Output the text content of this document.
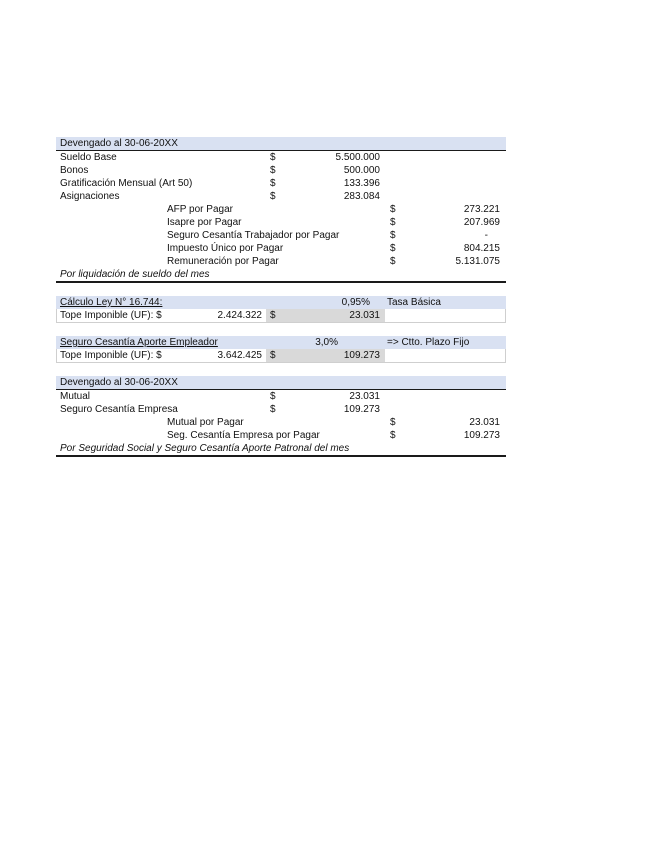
Devengado al 30-06-20XX
Sueldo Base	$	5.500.000
Bonos	$	500.000
Gratificación Mensual (Art 50)	$	133.396
Asignaciones	$	283.084
AFP por Pagar	$	273.221
Isapre por Pagar	$	207.969
Seguro Cesantía Trabajador por Pagar	$	-
Impuesto Único por Pagar	$	804.215
Remuneración por Pagar	$	5.131.075
Por liquidación de sueldo del mes
Cálculo Ley N° 16.744:	0,95% Tasa Básica
Tope Imponible (UF): $	2.424.322 $	23.031
Seguro Cesantía Aporte Empleador	3,0%	=> Ctto. Plazo Fijo
Tope Imponible (UF): $	3.642.425 $	109.273
Devengado al 30-06-20XX
Mutual	$	23.031
Seguro Cesantía Empresa	$	109.273
Mutual por Pagar	$	23.031
Seg. Cesantía Empresa por Pagar	$	109.273
Por Seguridad Social y Seguro Cesantía Aporte Patronal del mes
